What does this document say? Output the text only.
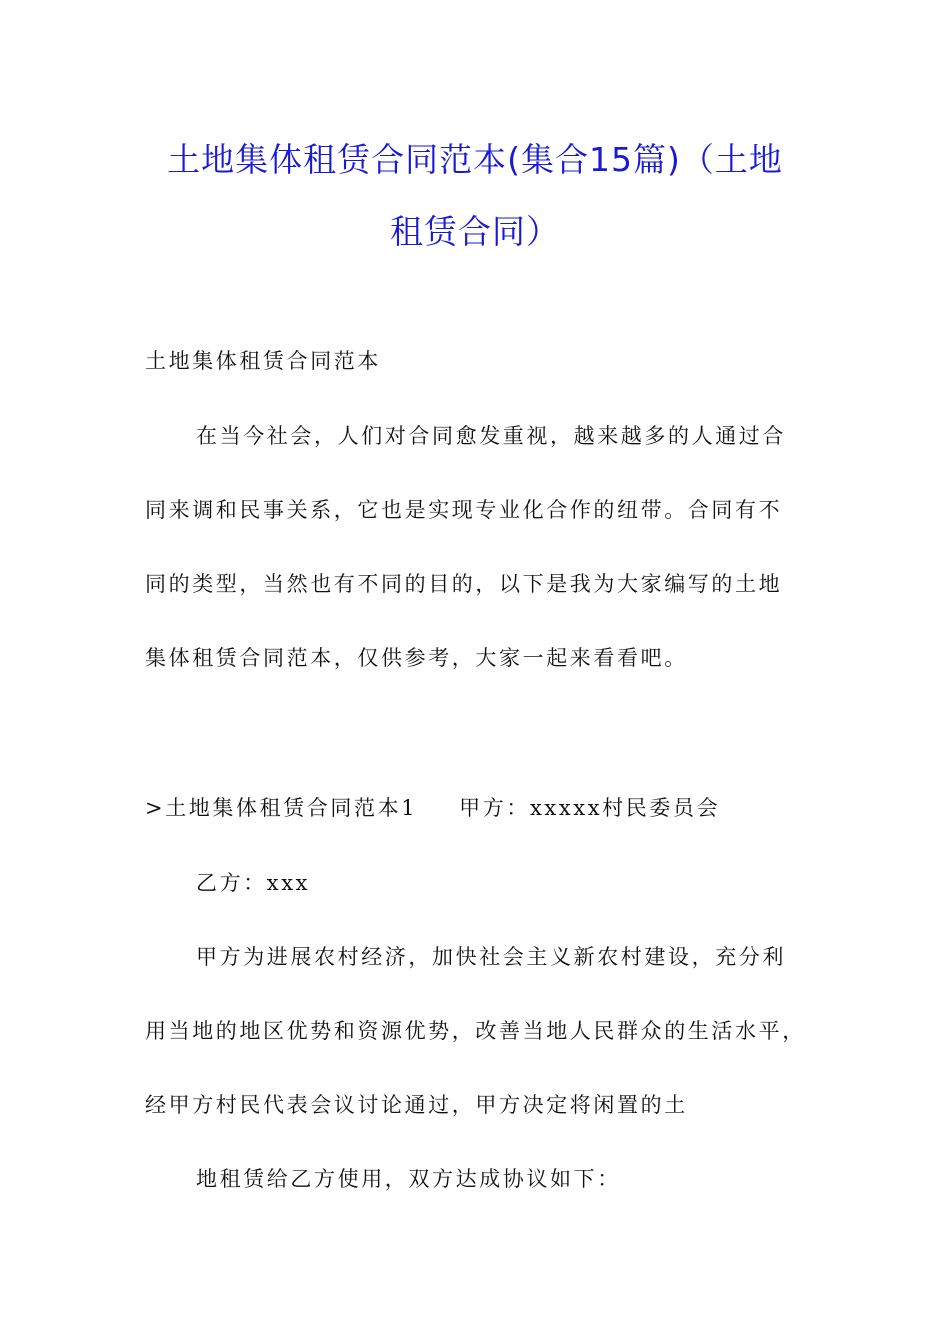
土地集体租赁合同范本(集合15篇)（土地
租赁合同）
土地集体租赁合同范本
在当今社会，人们对合同愈发重视，越来越多的人通过合
同来调和民事关系，它也是实现专业化合作的纽带。合同有不
同的类型，当然也有不同的目的，以下是我为大家编写的土地
集体租赁合同范本，仅供参考，大家一起来看看吧。
>土地集体租赁合同范本1 甲方：xxxxx村民委员会
乙方：xxx
甲方为进展农村经济，加快社会主义新农村建设，充分利
用当地的地区优势和资源优势，改善当地人民群众的生活水平，
经甲方村民代表会议讨论通过，甲方决定将闲置的土
地租赁给乙方使用，双方达成协议如下：
